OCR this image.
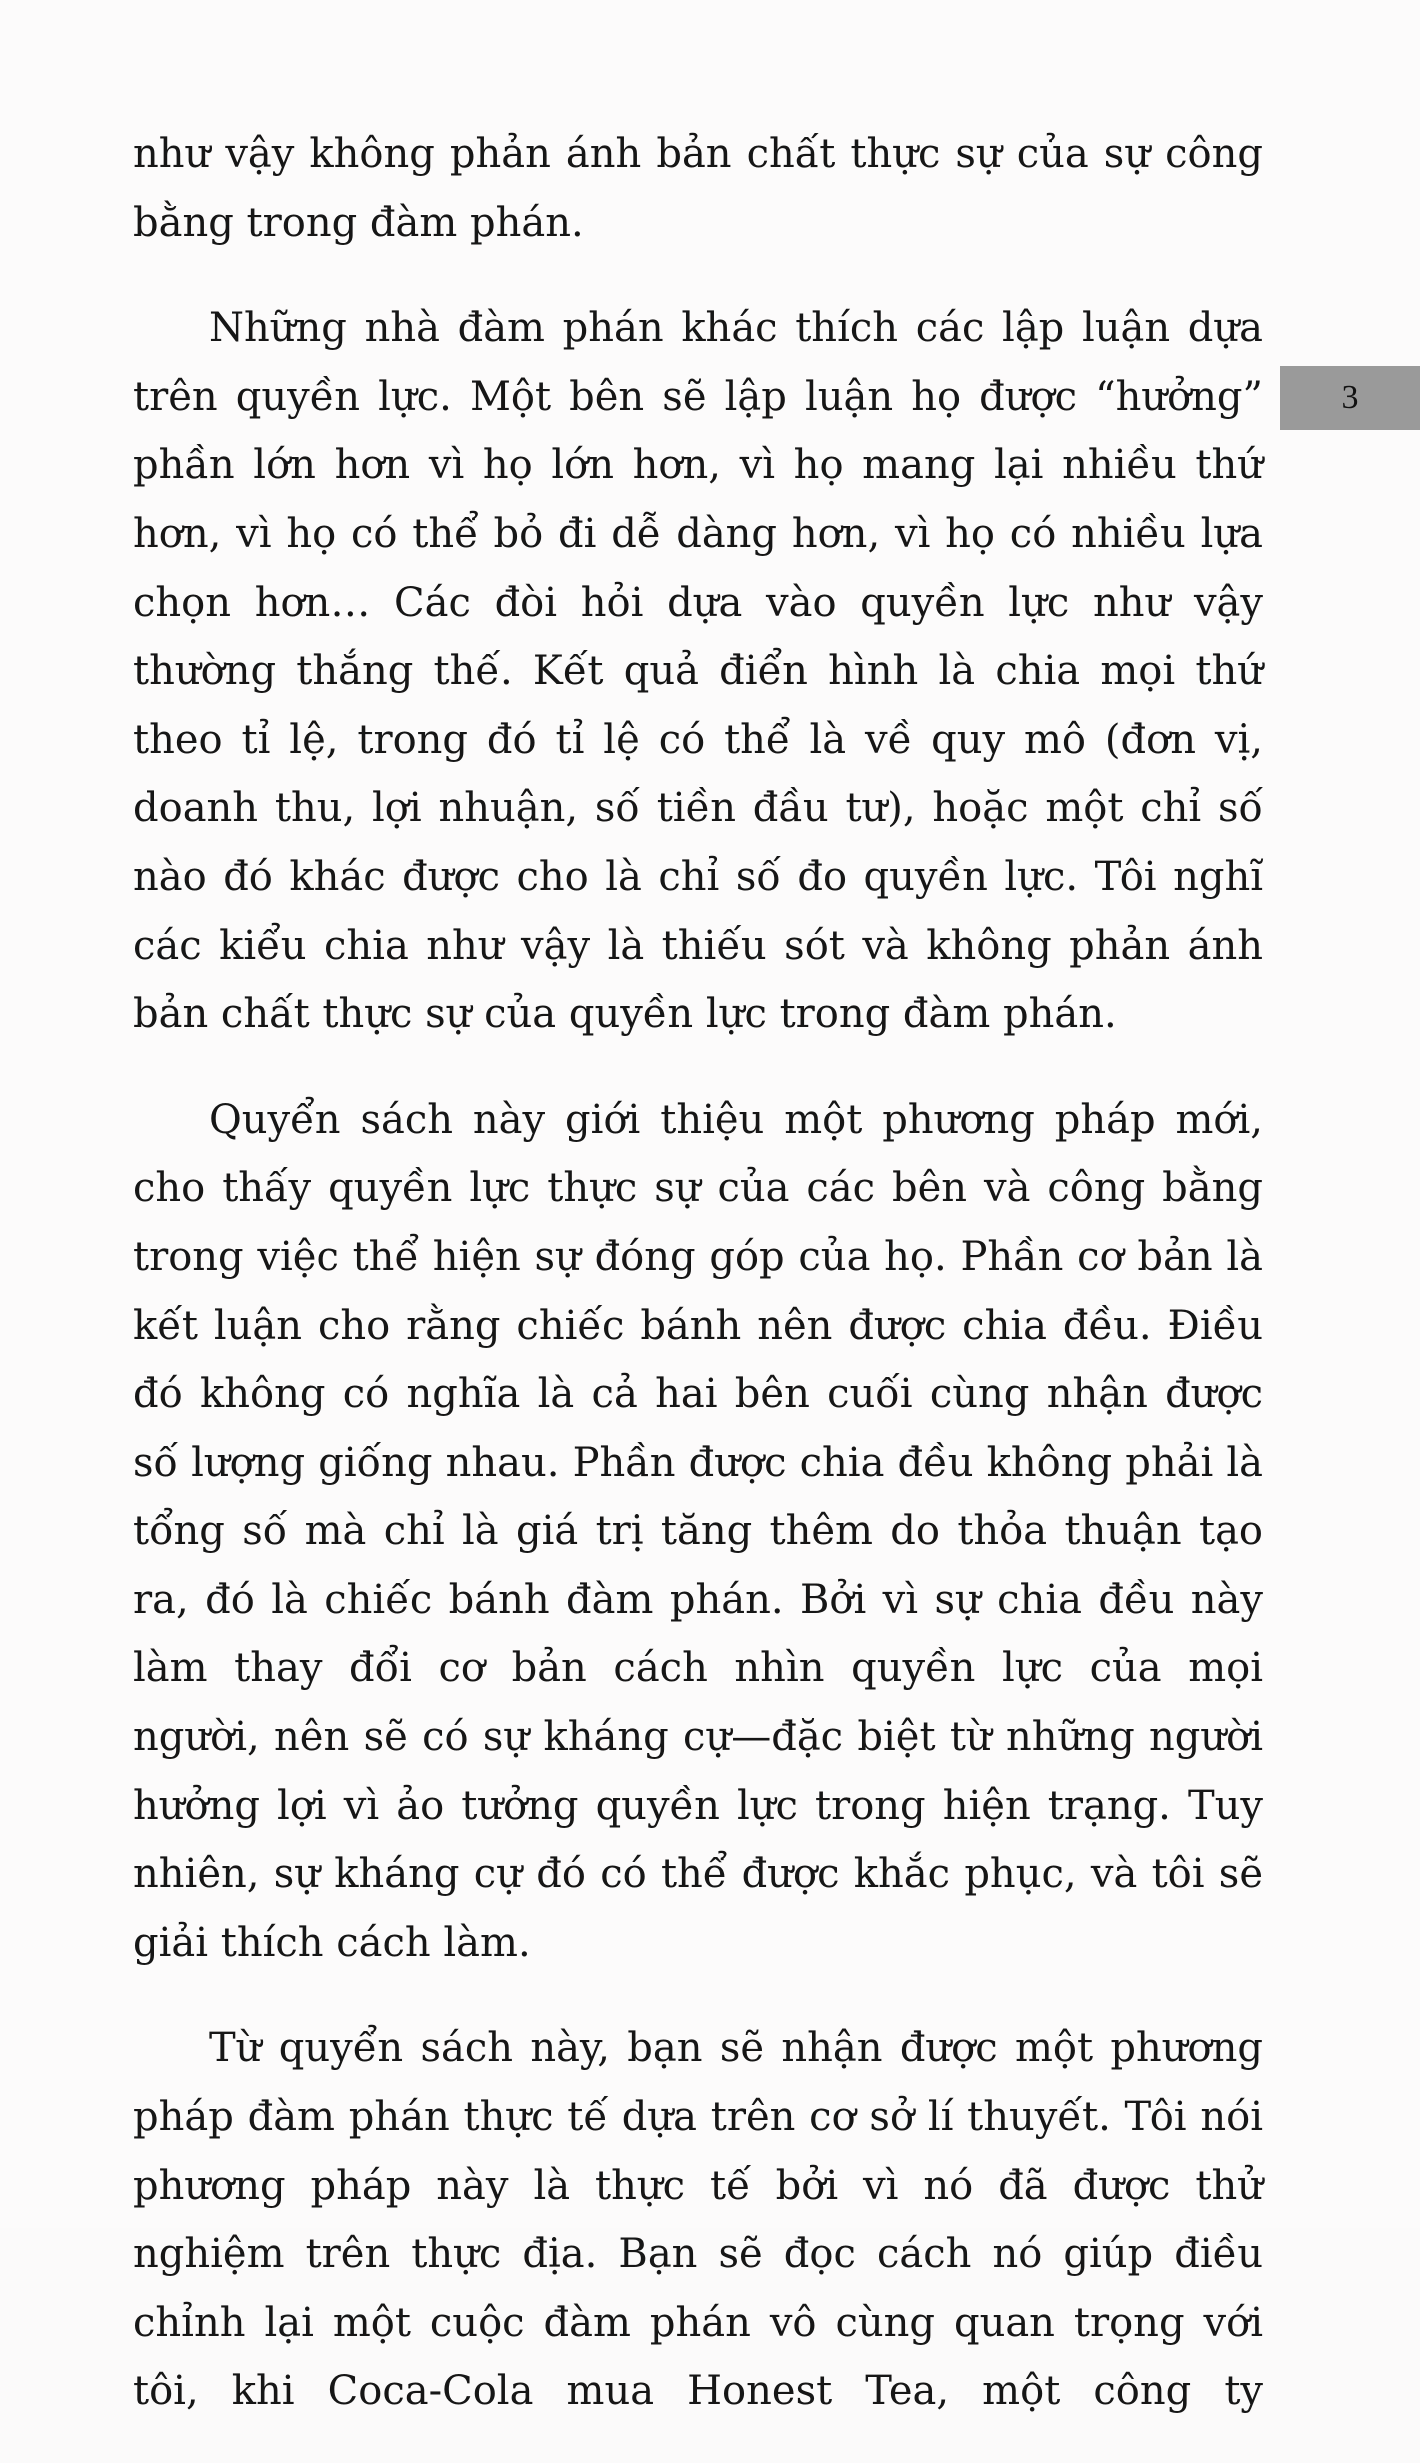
như vậy không phản ánh bản chất thực sự của sự công bằng trong đàm phán.

Những nhà đàm phán khác thích các lập luận dựa trên quyền lực. Một bên sẽ lập luận họ được “hưởng” phần lớn hơn vì họ lớn hơn, vì họ mang lại nhiều thứ hơn, vì họ có thể bỏ đi dễ dàng hơn, vì họ có nhiều lựa chọn hơn… Các đòi hỏi dựa vào quyền lực như vậy thường thắng thế. Kết quả điển hình là chia mọi thứ theo tỉ lệ, trong đó tỉ lệ có thể là về quy mô (đơn vị, doanh thu, lợi nhuận, số tiền đầu tư), hoặc một chỉ số nào đó khác được cho là chỉ số đo quyền lực. Tôi nghĩ các kiểu chia như vậy là thiếu sót và không phản ánh bản chất thực sự của quyền lực trong đàm phán.

Quyển sách này giới thiệu một phương pháp mới, cho thấy quyền lực thực sự của các bên và công bằng trong việc thể hiện sự đóng góp của họ. Phần cơ bản là kết luận cho rằng chiếc bánh nên được chia đều. Điều đó không có nghĩa là cả hai bên cuối cùng nhận được số lượng giống nhau. Phần được chia đều không phải là tổng số mà chỉ là giá trị tăng thêm do thỏa thuận tạo ra, đó là chiếc bánh đàm phán. Bởi vì sự chia đều này làm thay đổi cơ bản cách nhìn quyền lực của mọi người, nên sẽ có sự kháng cự—đặc biệt từ những người hưởng lợi vì ảo tưởng quyền lực trong hiện trạng. Tuy nhiên, sự kháng cự đó có thể được khắc phục, và tôi sẽ giải thích cách làm.

Từ quyển sách này, bạn sẽ nhận được một phương pháp đàm phán thực tế dựa trên cơ sở lí thuyết. Tôi nói phương pháp này là thực tế bởi vì nó đã được thử nghiệm trên thực địa. Bạn sẽ đọc cách nó giúp điều chỉnh lại một cuộc đàm phán vô cùng quan trọng với tôi, khi Coca-Cola mua Honest Tea, một công ty

3
